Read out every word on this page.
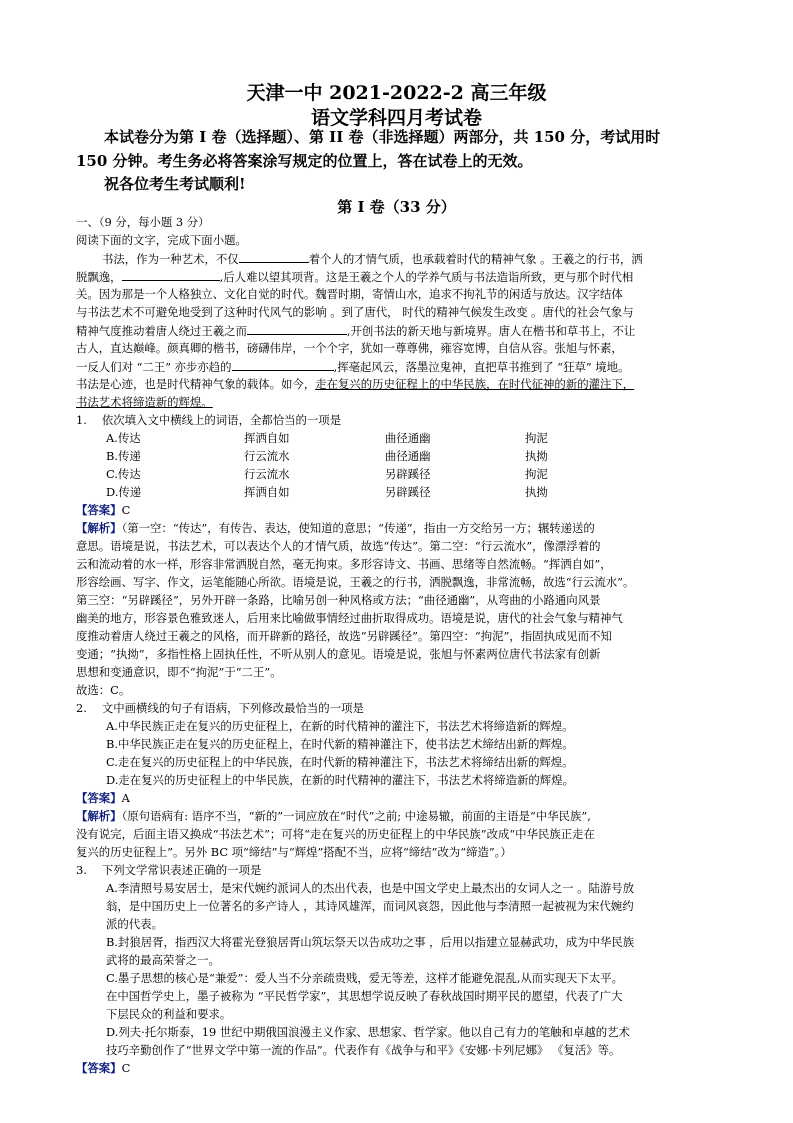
天津一中 2021-2022-2 高三年级
语文学科四月考试卷
本试卷分为第 I 卷（选择题）、第 II 卷（非选择题）两部分，共 150 分，考试用时
150 分钟。考生务必将答案涂写规定的位置上，答在试卷上的无效。
祝各位考生考试顺利!
第 I 卷（33 分）
一、（9 分，每小题 3 分）
阅读下面的文字，完成下面小题。
书法，作为一种艺术，不仅	着个人的才情气质，也承载着时代的精神气象 。王羲之的行书，洒
脱飘逸，	,后人难以望其项背。这是王羲之个人的学养气质与书法造诣所致，更与那个时代相
关。因为那是一个人格独立、文化自觉的时代。魏晋时期，寄情山水，追求不拘礼节的闲适与放达。汉字结体
与书法艺术不可避免地受到了这种时代风气的影响 。到了唐代， 时代的精神气候发生改变 。唐代的社会气象与
精神气度推动着唐人绕过王羲之而	,开创书法的新天地与新境界。唐人在楷书和草书上，不让
古人，直达巅峰。颜真卿的楷书，磅礴伟岸，一个个字，犹如一尊尊佛，雍容宽博，自信从容。张旭与怀素，
一反人们对 “二王” 亦步亦趋的	,挥毫起风云，落墨泣鬼神，直把草书推到了 “狂草” 境地。
书法是心迹，也是时代精神气象的载体。如今，走在复兴的历史征程上的中华民族，在时代征神的新的灌注下，
书法艺术将缔造新的辉煌。
1.　 依次填入文中横线上的词语，全都恰当的一项是
A.传达	挥洒自如	曲径通幽	拘泥
B.传递	行云流水	曲径通幽	执拗
C.传达	行云流水	另辟蹊径	拘泥
D.传递	挥洒自如	另辟蹊径	执拗
【答案】C
【解析】（第一空：“传达”，有传告、表达，使知道的意思；“传递”，指由一方交给另一方；辗转递送的
意思。语境是说，书法艺术，可以表达个人的才情气质，故选“传达”。第二空：“行云流水”，像漂浮着的
云和流动着的水一样，形容非常洒脱自然，毫无拘束。多形容诗文、书画、思绪等自然流畅。“挥洒自如”，
形容绘画、写字、作文，运笔能随心所欲。语境是说，王羲之的行书，洒脱飘逸，非常流畅，故选“行云流水”。
第三空：“另辟蹊径”，另外开辟一条路，比喻另创一种风格或方法；“曲径通幽”，从弯曲的小路通向风景
幽美的地方，形容景色雅致迷人，后用来比喻做事情经过曲折取得成功。语境是说，唐代的社会气象与精神气
度推动着唐人绕过王羲之的风格，而开辟新的路径，故选“另辟蹊径”。第四空：“拘泥”，指固执成见而不知
变通；“执拗”，多指性格上固执任性，不听从别人的意见。语境是说，张旭与怀素两位唐代书法家有创新
思想和变通意识，即不“拘泥”于“二王”。
故选：C。
2.　 文中画横线的句子有语病，下列修改最恰当的一项是
A.中华民族正走在复兴的历史征程上，在新的时代精神的灌注下，书法艺术将缔造新的辉煌。
B.中华民族正走在复兴的历史征程上，在时代新的精神灌注下，使书法艺术缔结出新的辉煌。
C.走在复兴的历史征程上的中华民族，在时代新的精神灌注下，书法艺术将缔结出新的辉煌。
D.走在复兴的历史征程上的中华民族，在新的时代精神的灌注下，书法艺术将缔造新的辉煌。
【答案】A
【解析】（原句语病有: 语序不当，“新的”一词应放在“时代”之前; 中途易辙，前面的主语是“中华民族”,
没有说完，后面主语又换成“书法艺术”；可将“走在复兴的历史征程上的中华民族”改成“中华民族正走在
复兴的历史征程上”。另外 BC 项“缔结”与“辉煌”搭配不当，应将“缔结”改为“缔造”。）
3.　 下列文学常识表述正确的一项是
A.李清照号易安居士，是宋代婉约派词人的杰出代表，也是中国文学史上最杰出的女词人之一 。陆游号放
翁，是中国历史上一位著名的多产诗人 ，其诗风雄浑，而词风哀怨，因此他与李清照一起被视为宋代婉约
派的代表。
B.封狼居胥，指西汉大将霍光登狼居胥山筑坛祭天以告成功之事 ，后用以指建立显赫武功，成为中华民族
武将的最高荣誉之一。
C.墨子思想的核心是“兼爱”：爱人当不分亲疏贵贱，爱无等差，这样才能避免混乱,从而实现天下太平。
在中国哲学史上，墨子被称为 “平民哲学家”，其思想学说反映了春秋战国时期平民的愿望，代表了广大
下层民众的利益和要求。
D.列夫·托尔斯泰，19 世纪中期俄国浪漫主义作家、思想家、哲学家。他以自己有力的笔触和卓越的艺术
技巧辛勤创作了“世界文学中第一流的作品”。代表作有《战争与和平》《安娜·卡列尼娜》 《复活》等。
【答案】C
